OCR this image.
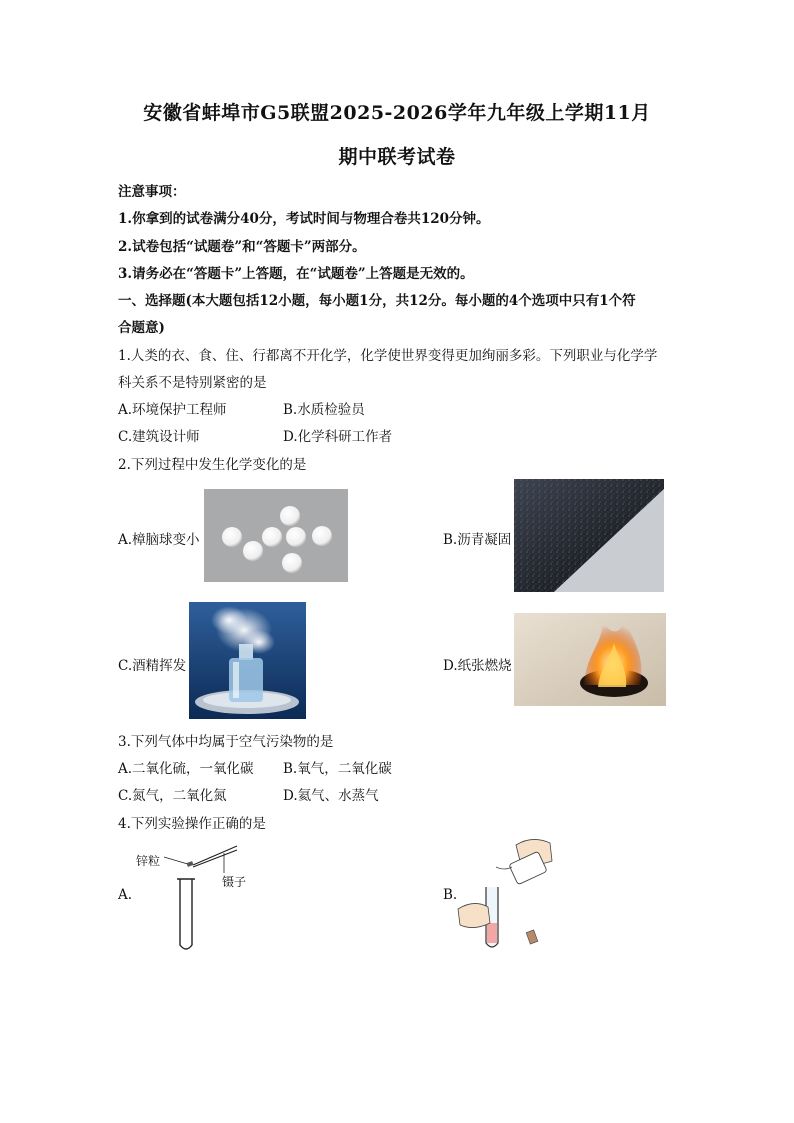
安徽省蚌埠市G5联盟2025-2026学年九年级上学期11月
期中联考试卷
注意事项：
1.你拿到的试卷满分40分，考试时间与物理合卷共120分钟。
2.试卷包括“试题卷”和“答题卡”两部分。
3.请务必在“答题卡”上答题，在“试题卷”上答题是无效的。
一、选择题(本大题包括12小题，每小题1分，共12分。每小题的4个选项中只有1个符
合题意)
1.人类的衣、食、住、行都离不开化学，化学使世界变得更加绚丽多彩。下列职业与化学学
科关系不是特别紧密的是
A.环境保护工程师	B.水质检验员
C.建筑设计师	D.化学科研工作者
2.下列过程中发生化学变化的是
A.樟脑球变小	B.沥青凝固
C.酒精挥发	D.纸张燃烧
3.下列气体中均属于空气污染物的是
A.二氧化硫，一氧化碳 B.氧气，二氧化碳
C.氮气，二氧化氮	D.氦气、水蒸气
4.下列实验操作正确的是
A.
锌粒
镊子
B.
